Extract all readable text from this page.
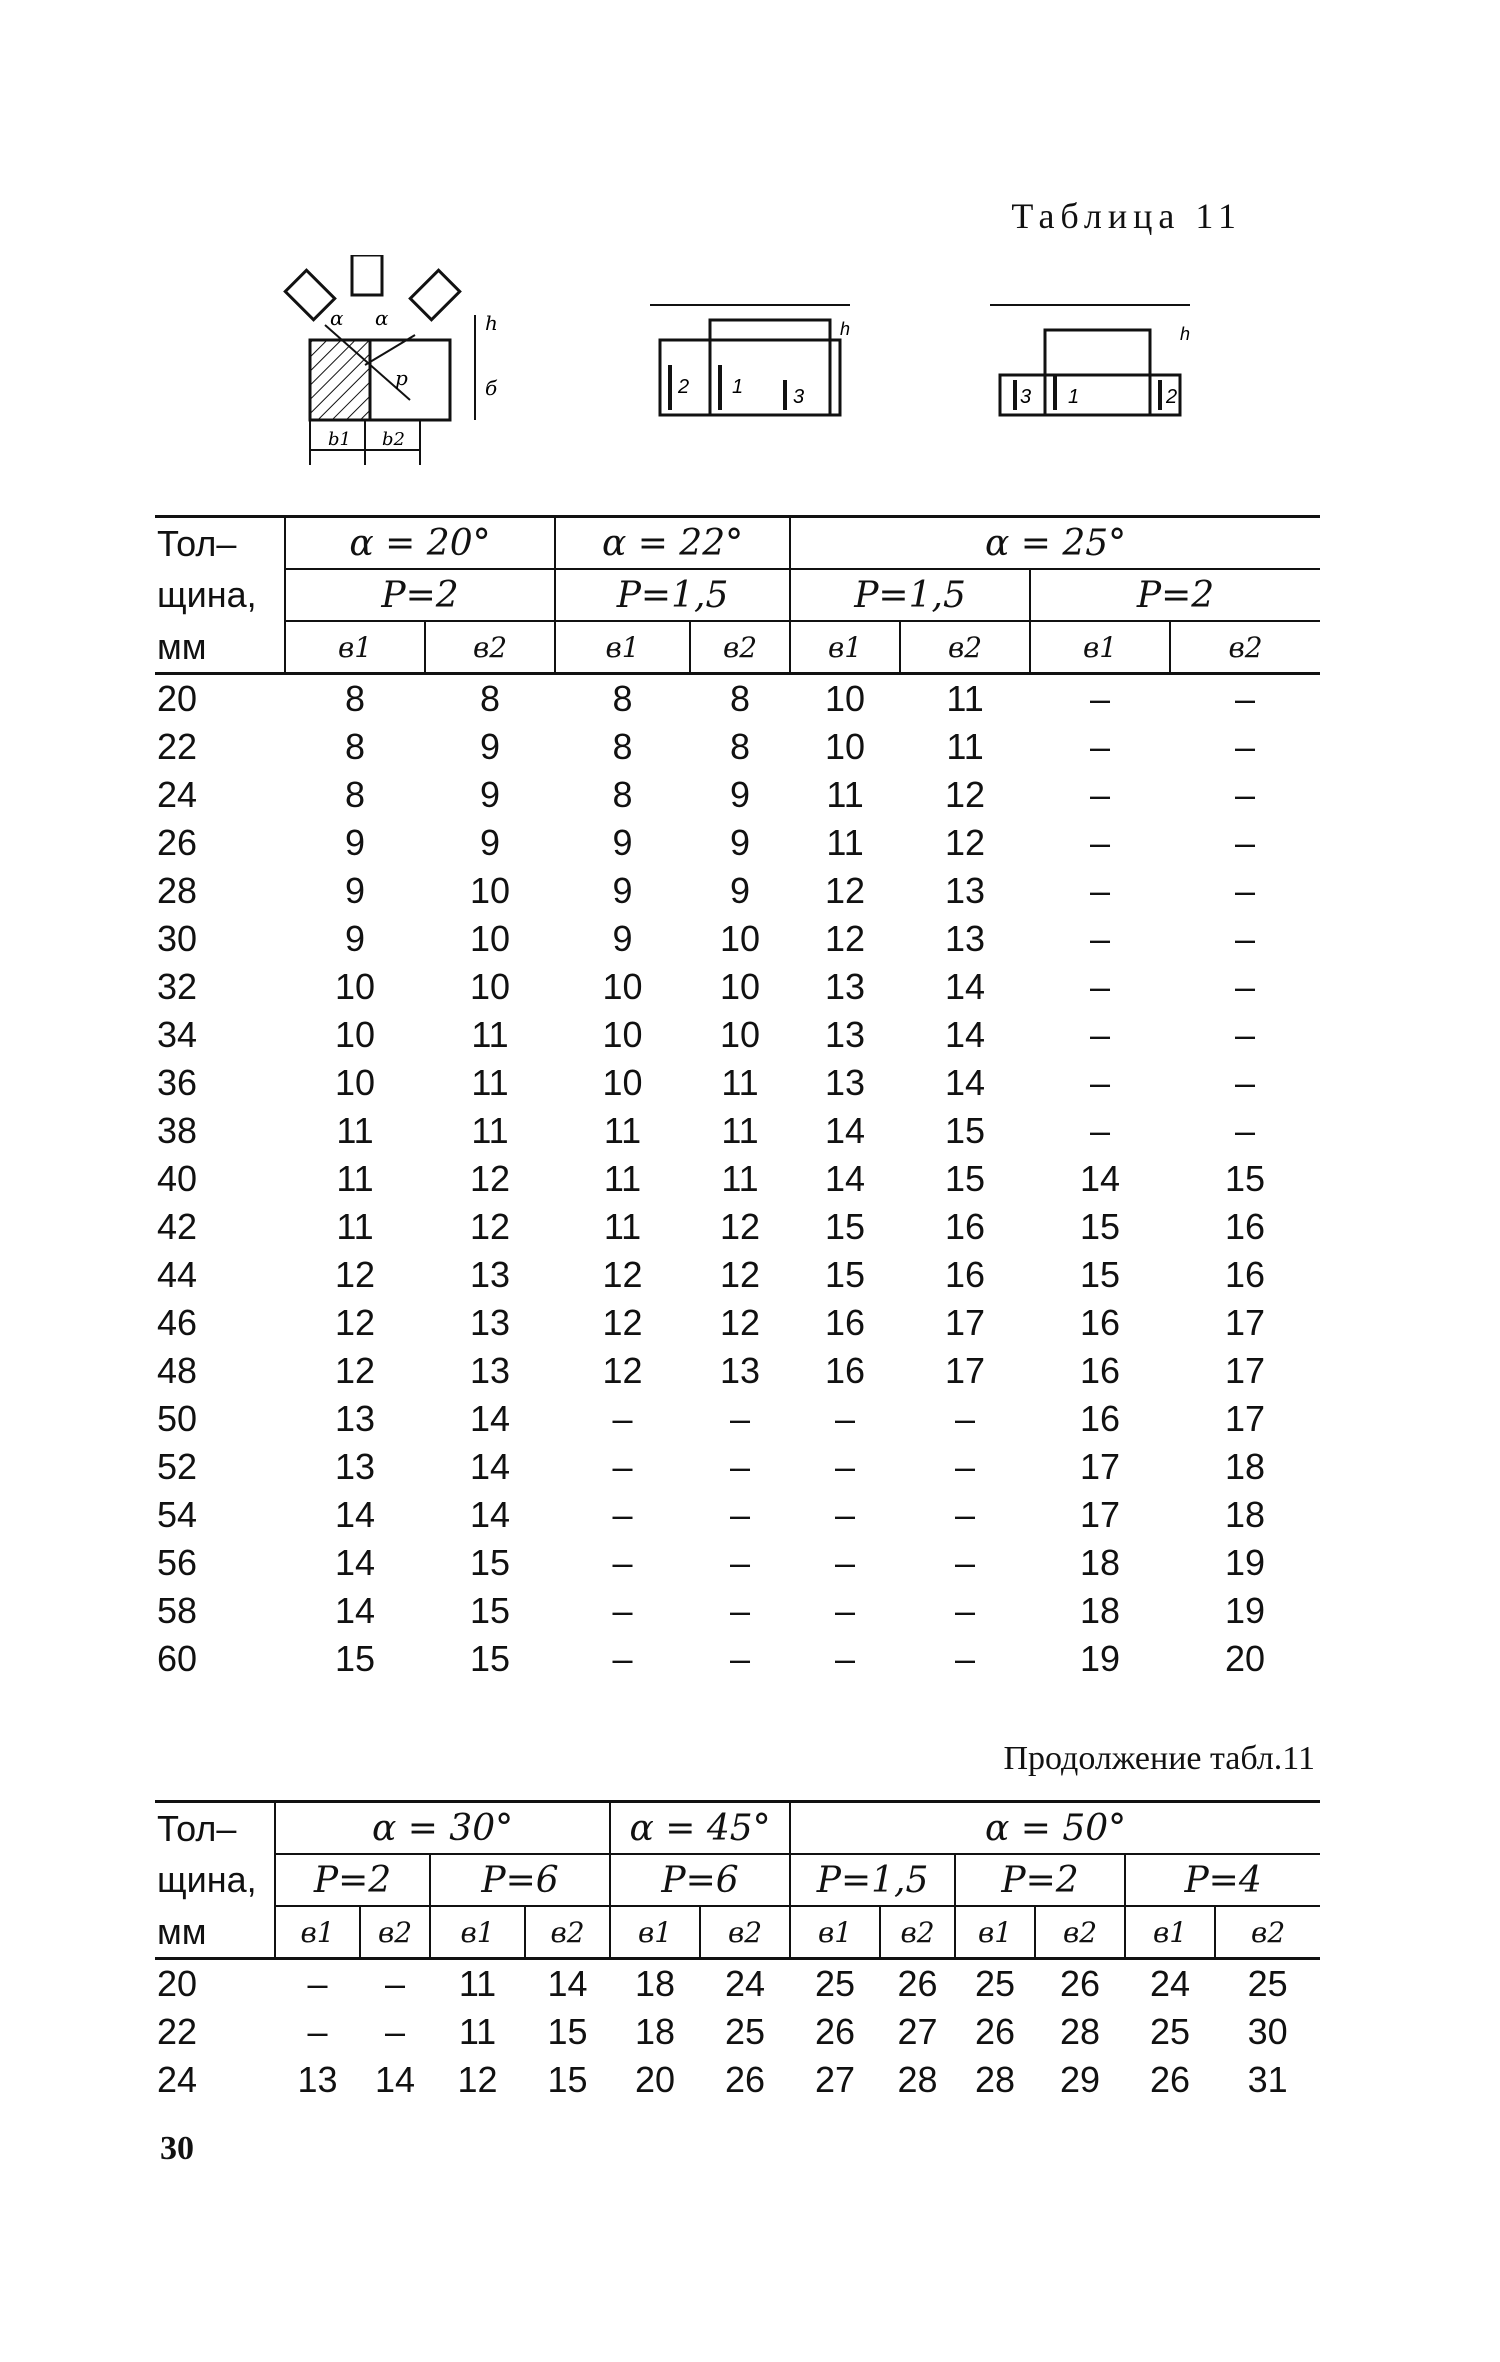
Таблица 11
α
α	h
б
p
b1 b2
2 1 3
h
3 1	2
h
Тол–	α = 20°		α = 22°		α = 25°			
щина,	P=2		P=1,5		P=1,5		P=2	
мм	в1	в2	в1	в2	в1	в2	в1	в2
20	8	8	8	8	10	11	–	–
22	8	9	8	8	10	11	–	–
24	8	9	8	9	11	12	–	–
26	9	9	9	9	11	12	–	–
28	9	10	9	9	12	13	–	–
30	9	10	9	10	12	13	–	–
32	10	10	10	10	13	14	–	–
34	10	11	10	10	13	14	–	–
36	10	11	10	11	13	14	–	–
38	11	11	11	11	14	15	–	–
40	11	12	11	11	14	15	14	15
42	11	12	11	12	15	16	15	16
44	12	13	12	12	15	16	15	16
46	12	13	12	12	16	17	16	17
48	12	13	12	13	16	17	16	17
50	13	14	–	–	–	–	16	17
52	13	14	–	–	–	–	17	18
54	14	14	–	–	–	–	17	18
56	14	15	–	–	–	–	18	19
58	14	15	–	–	–	–	18	19
60	15	15	–	–	–	–	19	20
Продолжение табл.11
Тол–	α = 30°				α = 45°		α = 50°					
щина,	P=2		P=6		P=6		P=1,5		P=2		P=4	
мм	в1	в2	в1	в2	в1	в2	в1	в2	в1	в2	в1	в2
20	–	–	11	14	18	24	25	26	25	26	24	25
22	–	–	11	15	18	25	26	27	26	28	25	30
24	13	14	12	15	20	26	27	28	28	29	26	31
30
